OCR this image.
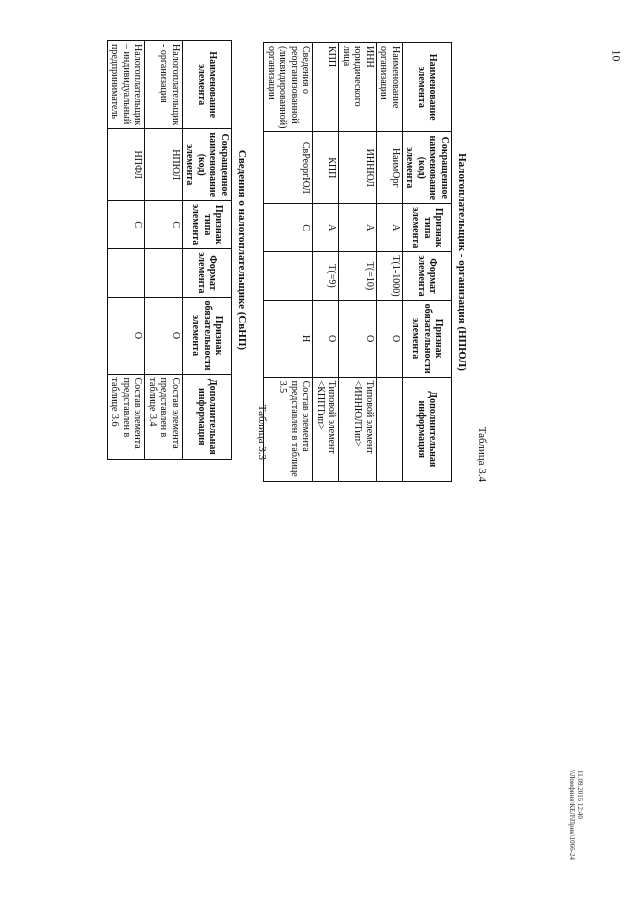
10
Таблица 3.3
Сведения о налогоплательщике (СвНП)
Наименование элемента	Сокращенное наименование (код) элемента	Признак типа элемента	Формат элемента	Признак обязательности элемента	Дополнительная информация
Налогоплательщик - организация	НПЮЛ	С		О	Состав элемента представлен в таблице 3.4
Налогоплательщик – индивидуальный предприниматель	НПФЛ	С		О	Состав элемента представлен в таблице 3.6
Таблица 3.4
Налогоплательщик - организация (НПЮЛ)
Наименование элемента	Сокращенное наименование (код) элемента	Признак типа элемента	Формат элемента	Признак обязательности элемента	Дополнительная информация
Наименование организации	НаимОрг	А	Т(1-1000)	О	
ИНН юридического лица	ИННЮЛ	А	Т(=10)	О	Типовой элемент <ИННЮЛТип>
КПП	КПП	А	Т(=9)	О	Типовой элемент <КППТип>
Сведения о реорганизованной (ликвидированной) организации	СвРеоргЮЛ	С		Н	Состав элемента представлен в таблице 3.5
11.09.2015 12:40
\\Ломфиня\КЕЛ\Прик\1066-24
